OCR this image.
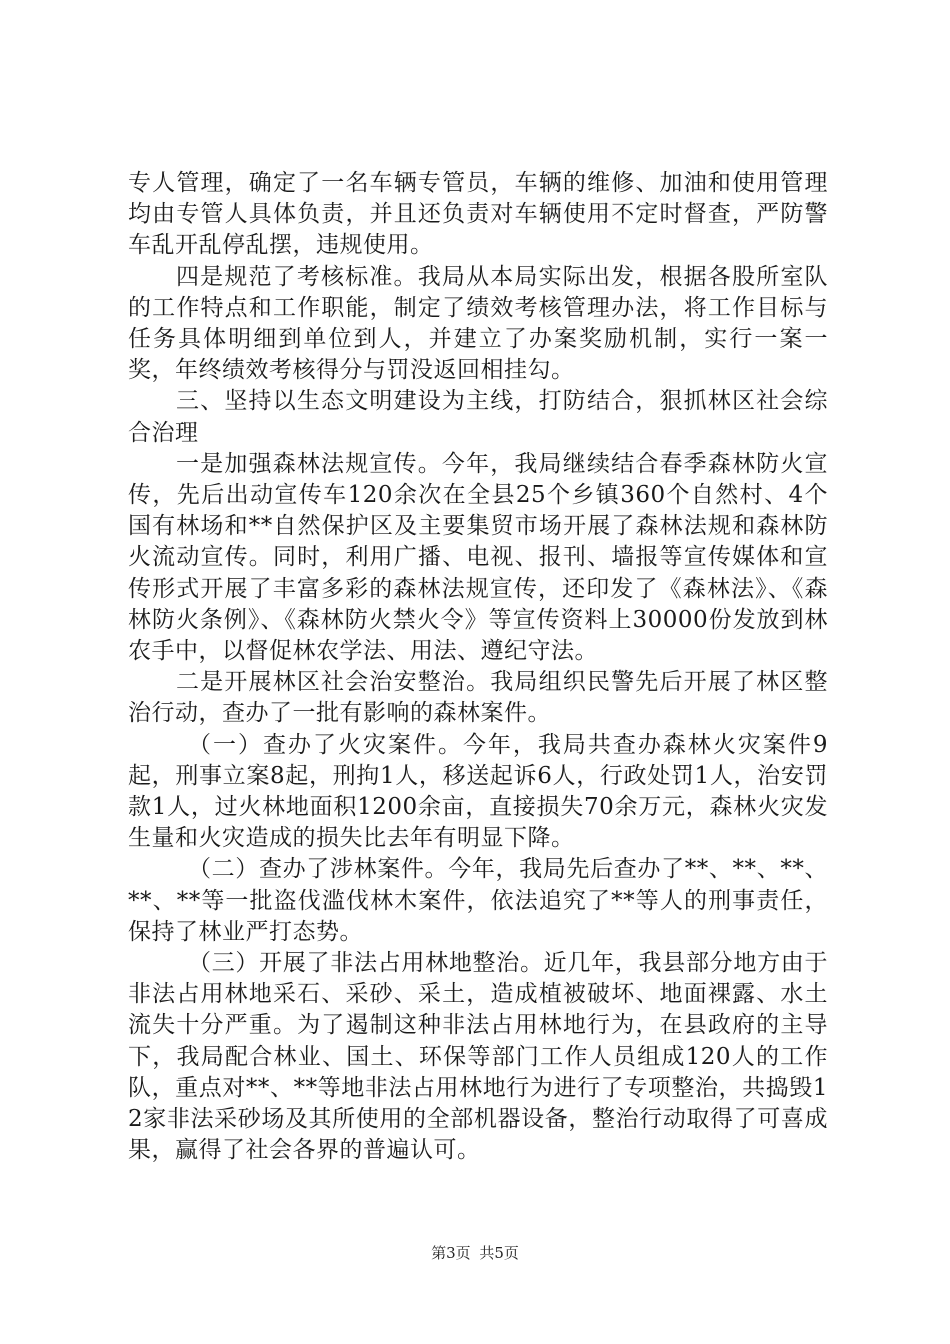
专人管理，确定了一名车辆专管员，车辆的维修、加油和使用管理均由专管人具体负责，并且还负责对车辆使用不定时督查，严防警车乱开乱停乱摆，违规使用。

四是规范了考核标准。我局从本局实际出发，根据各股所室队的工作特点和工作职能，制定了绩效考核管理办法，将工作目标与任务具体明细到单位到人，并建立了办案奖励机制，实行一案一奖，年终绩效考核得分与罚没返回相挂勾。

三、坚持以生态文明建设为主线，打防结合，狠抓林区社会综合治理

一是加强森林法规宣传。今年，我局继续结合春季森林防火宣传，先后出动宣传车120余次在全县25个乡镇360个自然村、4个国有林场和**自然保护区及主要集贸市场开展了森林法规和森林防火流动宣传。同时，利用广播、电视、报刊、墙报等宣传媒体和宣传形式开展了丰富多彩的森林法规宣传，还印发了《森林法》、《森林防火条例》、《森林防火禁火令》等宣传资料上30000份发放到林农手中，以督促林农学法、用法、遵纪守法。

二是开展林区社会治安整治。我局组织民警先后开展了林区整治行动，查办了一批有影响的森林案件。

（一）查办了火灾案件。今年，我局共查办森林火灾案件9起，刑事立案8起，刑拘1人，移送起诉6人，行政处罚1人，治安罚款1人，过火林地面积1200余亩，直接损失70余万元，森林火灾发生量和火灾造成的损失比去年有明显下降。

（二）查办了涉林案件。今年，我局先后查办了**、**、**、**、**等一批盗伐滥伐林木案件，依法追究了**等人的刑事责任，保持了林业严打态势。

（三）开展了非法占用林地整治。近几年，我县部分地方由于非法占用林地采石、采砂、采土，造成植被破坏、地面裸露、水土流失十分严重。为了遏制这种非法占用林地行为，在县政府的主导下，我局配合林业、国土、环保等部门工作人员组成120人的工作队，重点对**、**等地非法占用林地行为进行了专项整治，共捣毁12家非法采砂场及其所使用的全部机器设备，整治行动取得了可喜成果，赢得了社会各界的普遍认可。

第3页 共5页
